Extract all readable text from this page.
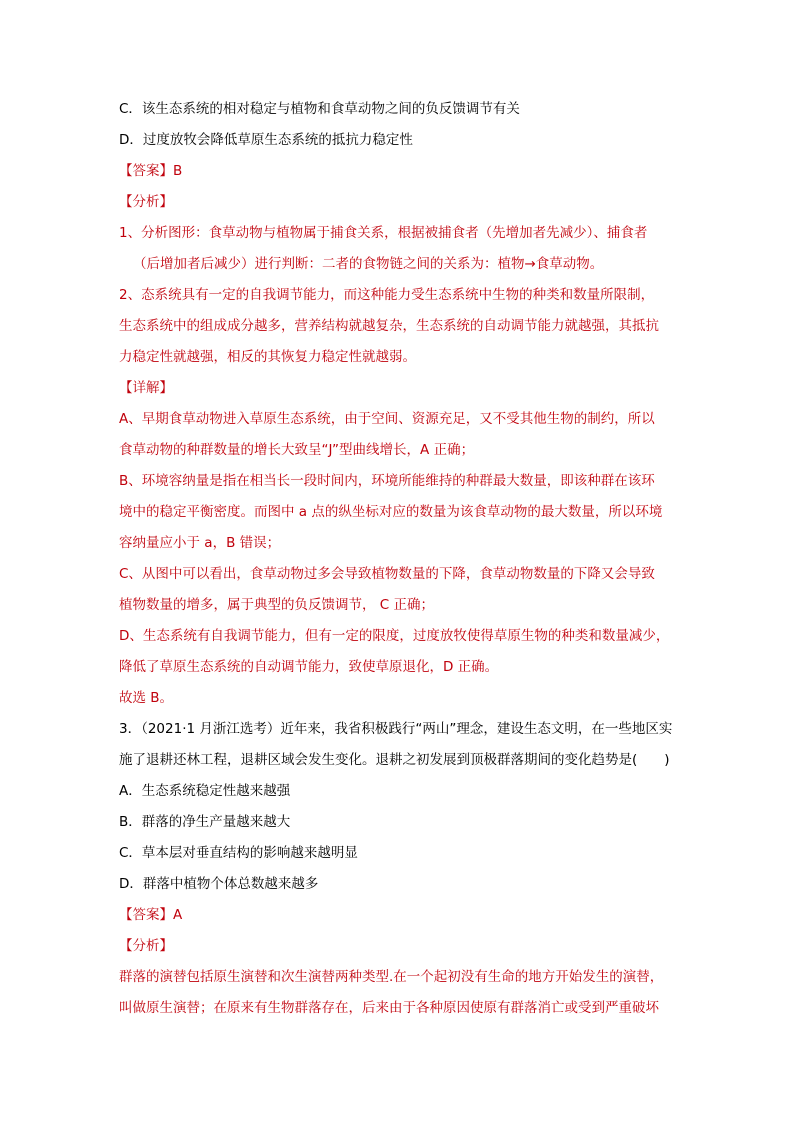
C．该生态系统的相对稳定与植物和食草动物之间的负反馈调节有关
D．过度放牧会降低草原生态系统的抵抗力稳定性
【答案】B
【分析】
1、分析图形：食草动物与植物属于捕食关系，根据被捕食者（先增加者先减少）、捕食者
（后增加者后减少）进行判断：二者的食物链之间的关系为：植物→食草动物。
2、态系统具有一定的自我调节能力，而这种能力受生态系统中生物的种类和数量所限制，
生态系统中的组成成分越多，营养结构就越复杂，生态系统的自动调节能力就越强，其抵抗
力稳定性就越强，相反的其恢复力稳定性就越弱。
【详解】
A、早期食草动物进入草原生态系统，由于空间、资源充足，又不受其他生物的制约，所以
食草动物的种群数量的增长大致呈“J”型曲线增长，A 正确；
B、环境容纳量是指在相当长一段时间内，环境所能维持的种群最大数量，即该种群在该环
境中的稳定平衡密度。而图中 a 点的纵坐标对应的数量为该食草动物的最大数量，所以环境
容纳量应小于 a，B 错误；
C、从图中可以看出，食草动物过多会导致植物数量的下降，食草动物数量的下降又会导致
植物数量的增多，属于典型的负反馈调节， C 正确；
D、生态系统有自我调节能力，但有一定的限度，过度放牧使得草原生物的种类和数量减少，
降低了草原生态系统的自动调节能力，致使草原退化，D 正确。
故选 B。
3．（2021·1 月浙江选考）近年来，我省积极践行“两山”理念，建设生态文明，在一些地区实
施了退耕还林工程，退耕区域会发生变化。退耕之初发展到顶极群落期间的变化趋势是(　　)
A．生态系统稳定性越来越强
B．群落的净生产量越来越大
C．草本层对垂直结构的影响越来越明显
D．群落中植物个体总数越来越多
【答案】A
【分析】
群落的演替包括原生演替和次生演替两种类型.在一个起初没有生命的地方开始发生的演替，
叫做原生演替；在原来有生物群落存在，后来由于各种原因使原有群落消亡或受到严重破坏
